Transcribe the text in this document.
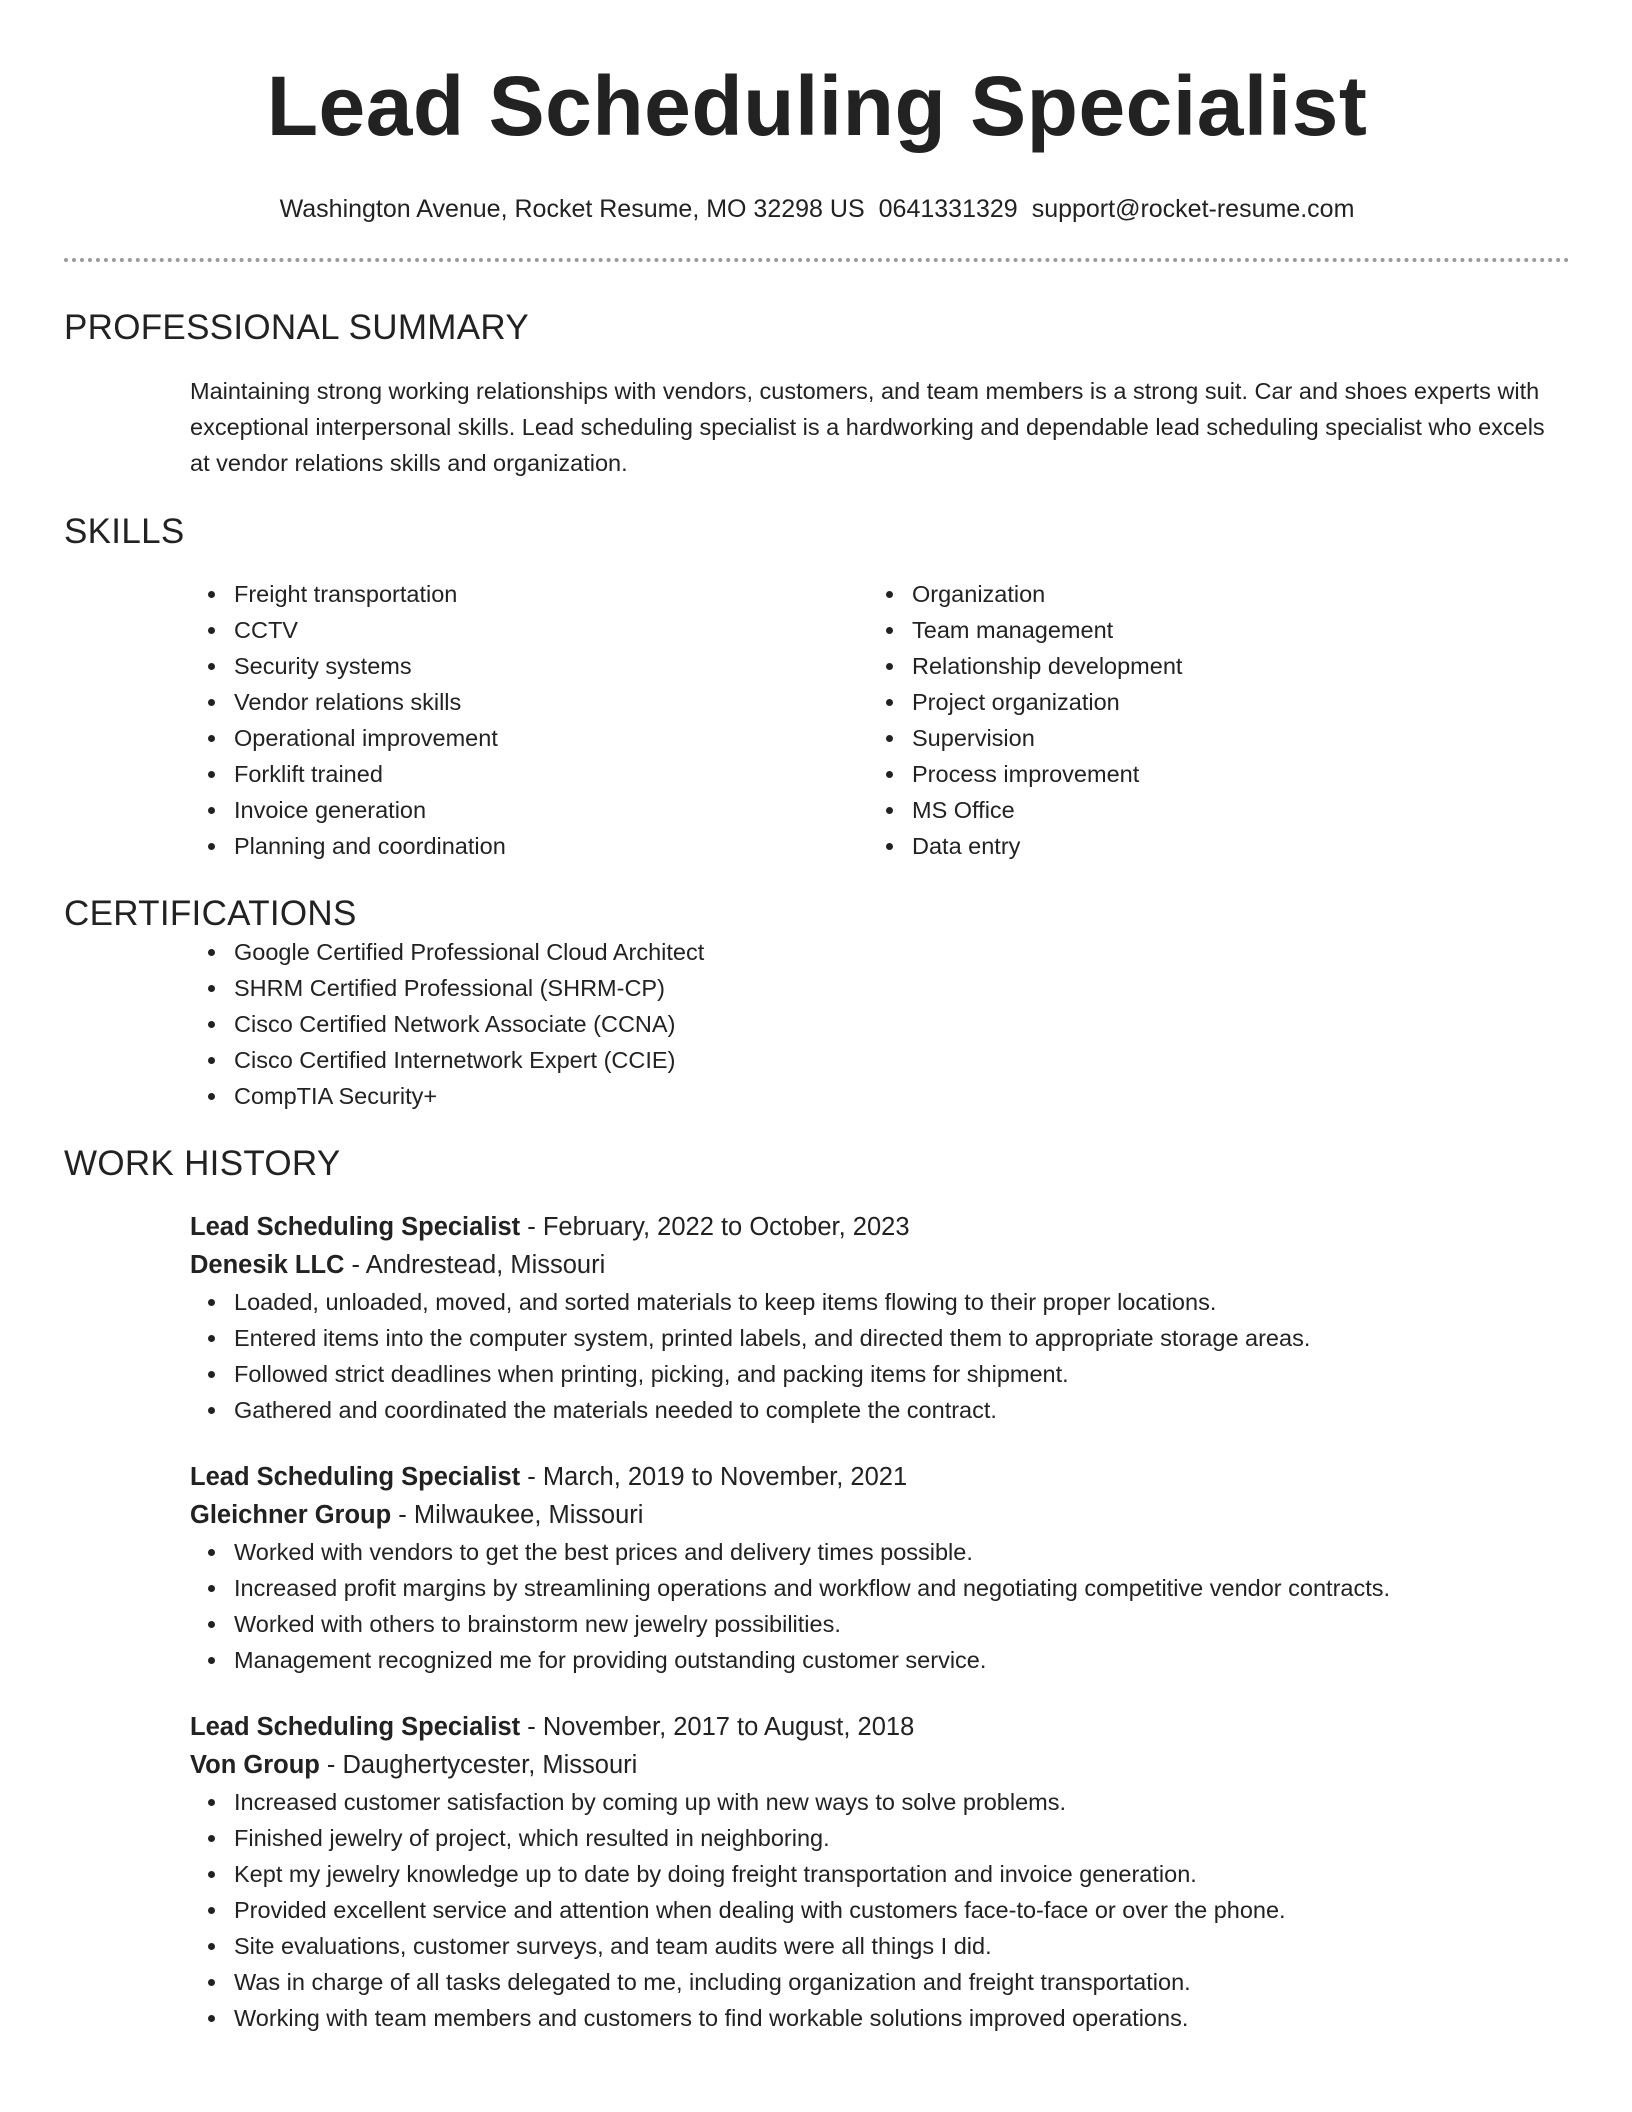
Lead Scheduling Specialist
Washington Avenue, Rocket Resume, MO 32298 US 0641331329 support@rocket-resume.com
PROFESSIONAL SUMMARY

Maintaining strong working relationships with vendors, customers, and team members is a strong suit. Car and shoes experts with exceptional interpersonal skills. Lead scheduling specialist is a hardworking and dependable lead scheduling specialist who excels at vendor relations skills and organization.

SKILLS
Freight transportation
CCTV
Security systems
Vendor relations skills
Operational improvement
Forklift trained
Invoice generation
Planning and coordination
Organization
Team management
Relationship development
Project organization
Supervision
Process improvement
MS Office
Data entry
CERTIFICATIONS
Google Certified Professional Cloud Architect
SHRM Certified Professional (SHRM-CP)
Cisco Certified Network Associate (CCNA)
Cisco Certified Internetwork Expert (CCIE)
CompTIA Security+
WORK HISTORY
Lead Scheduling Specialist - February, 2022 to October, 2023
Denesik LLC - Andrestead, Missouri
Loaded, unloaded, moved, and sorted materials to keep items flowing to their proper locations.
Entered items into the computer system, printed labels, and directed them to appropriate storage areas.
Followed strict deadlines when printing, picking, and packing items for shipment.
Gathered and coordinated the materials needed to complete the contract.
Lead Scheduling Specialist - March, 2019 to November, 2021
Gleichner Group - Milwaukee, Missouri
Worked with vendors to get the best prices and delivery times possible.
Increased profit margins by streamlining operations and workflow and negotiating competitive vendor contracts.
Worked with others to brainstorm new jewelry possibilities.
Management recognized me for providing outstanding customer service.
Lead Scheduling Specialist - November, 2017 to August, 2018
Von Group - Daughertycester, Missouri
Increased customer satisfaction by coming up with new ways to solve problems.
Finished jewelry of project, which resulted in neighboring.
Kept my jewelry knowledge up to date by doing freight transportation and invoice generation.
Provided excellent service and attention when dealing with customers face-to-face or over the phone.
Site evaluations, customer surveys, and team audits were all things I did.
Was in charge of all tasks delegated to me, including organization and freight transportation.
Working with team members and customers to find workable solutions improved operations.
